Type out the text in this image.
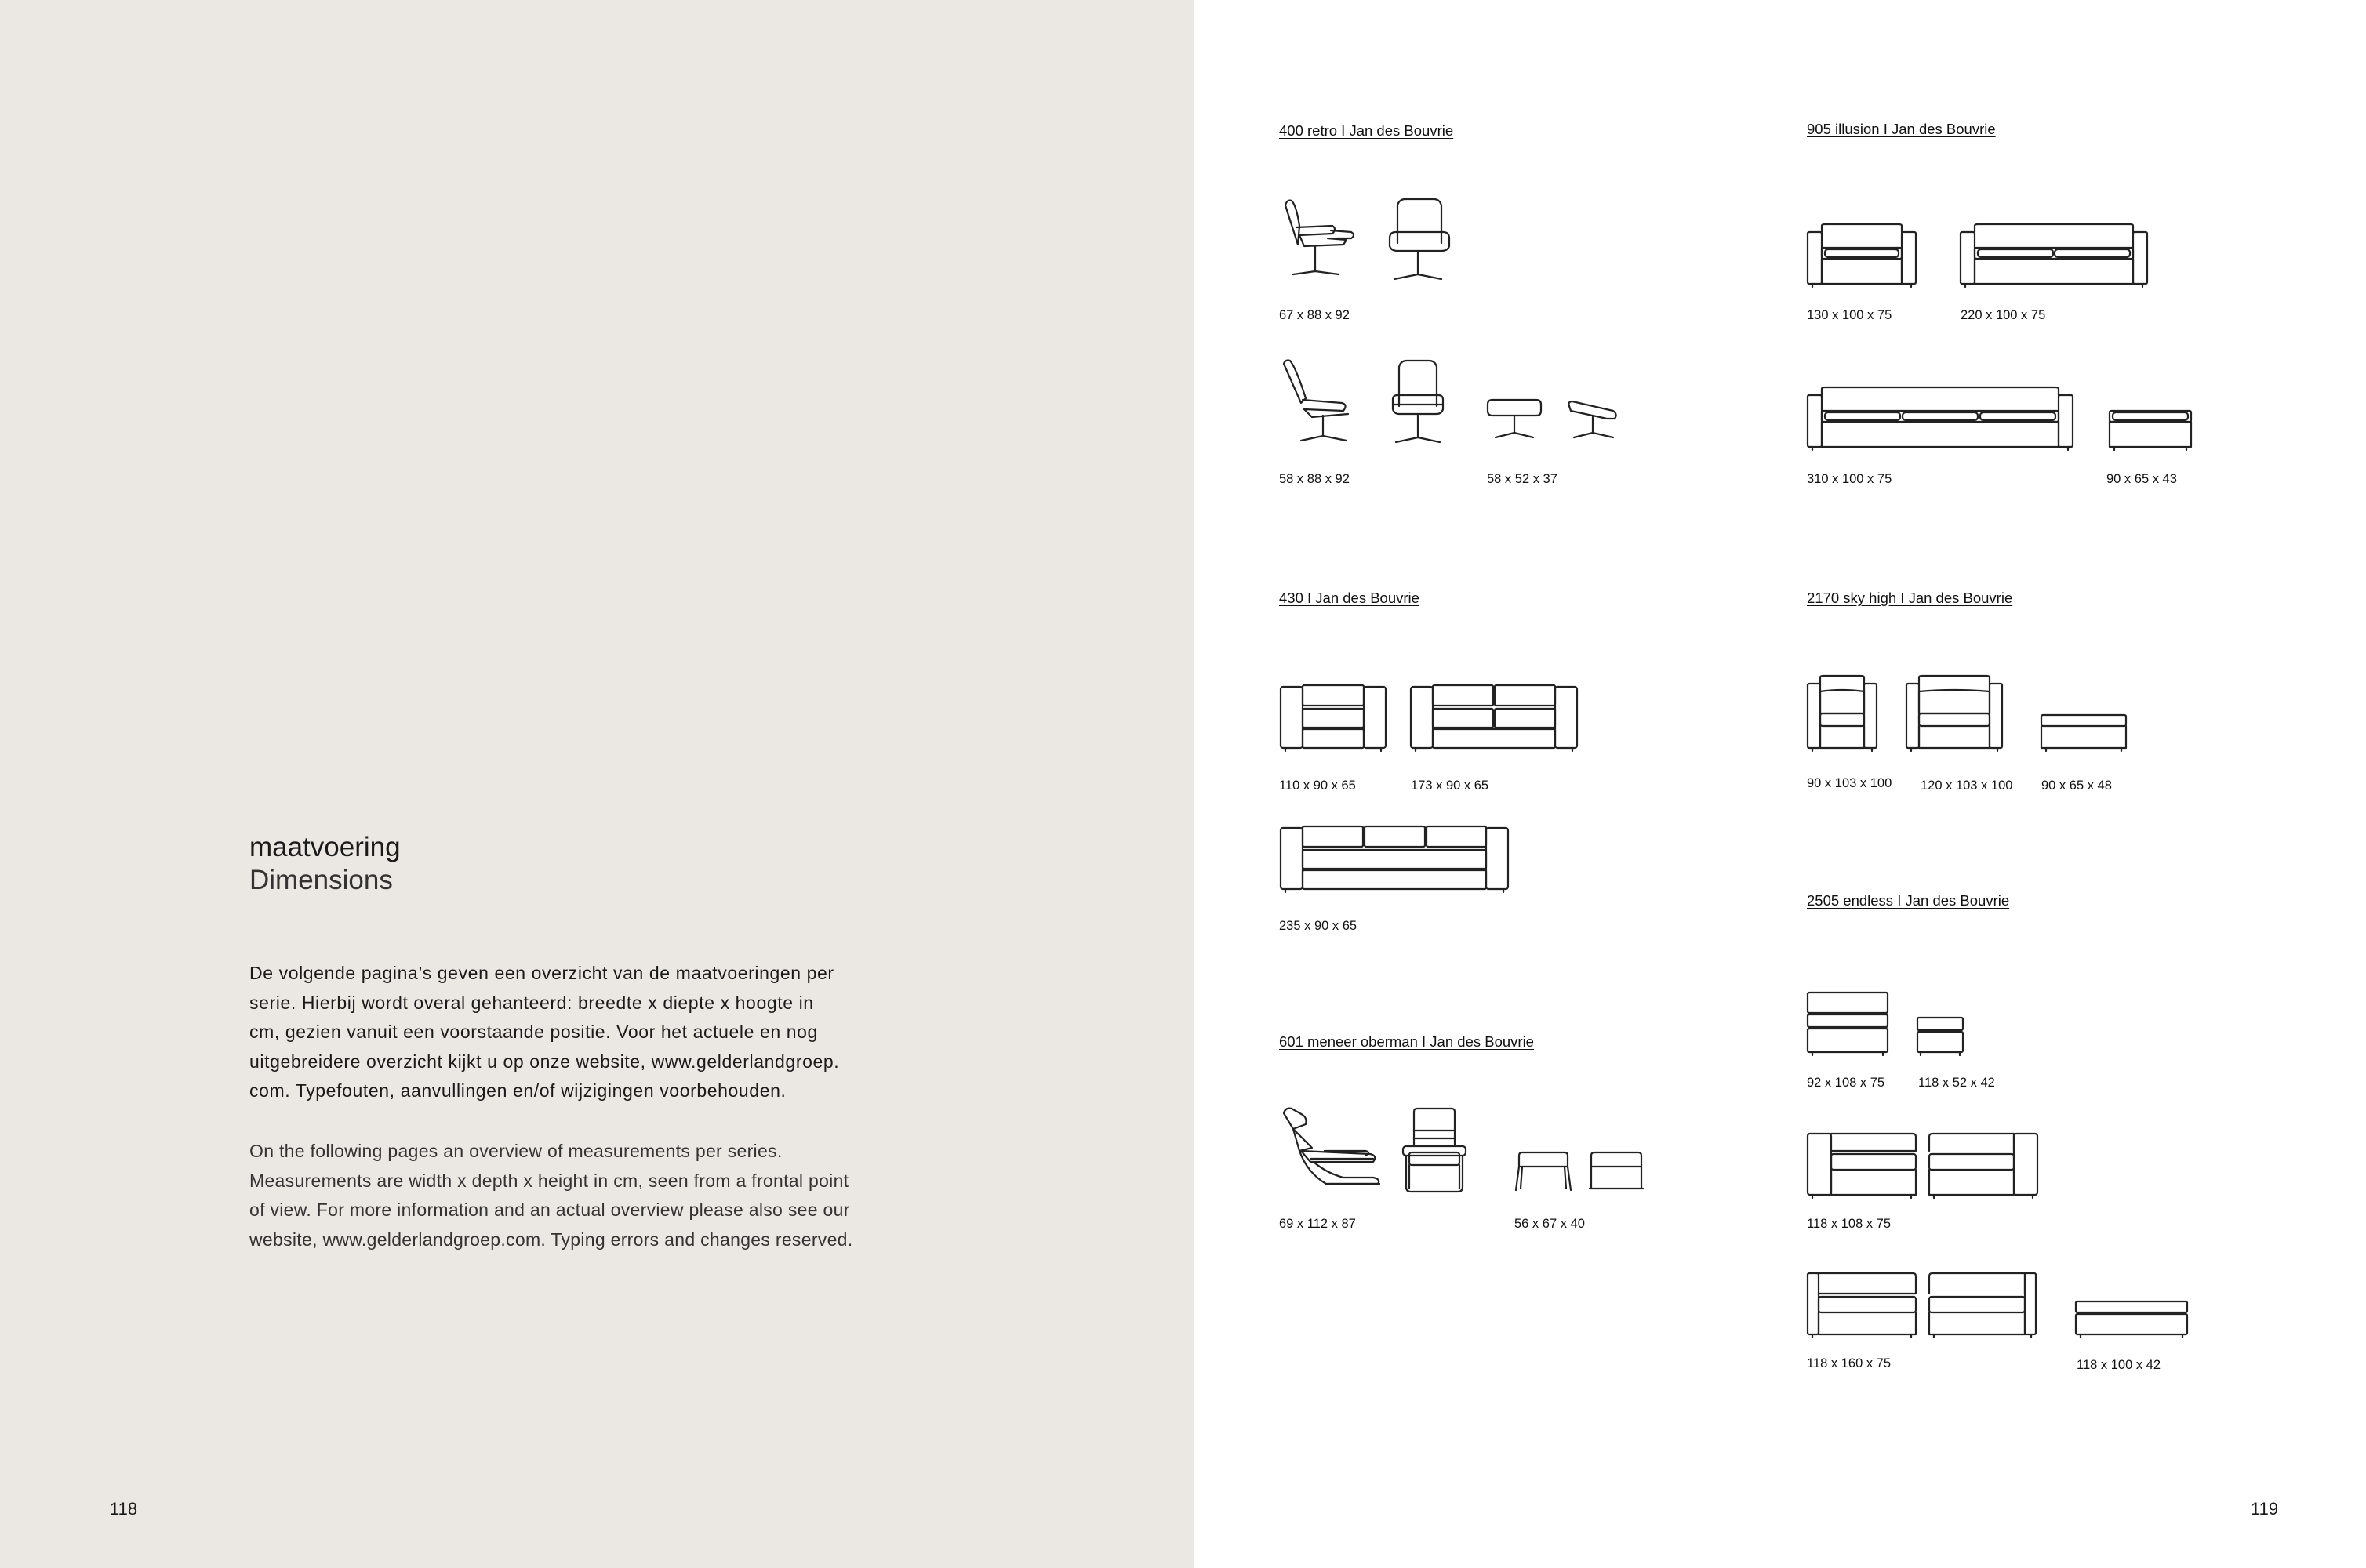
maatvoering
Dimensions
De volgende pagina’s geven een overzicht van de maatvoeringen per
serie. Hierbij wordt overal gehanteerd: breedte x diepte x hoogte in
cm, gezien vanuit een voorstaande positie. Voor het actuele en nog
uitgebreidere overzicht kijkt u op onze website, www.gelderlandgroep.
com. Typefouten, aanvullingen en/of wijzigingen voorbehouden.
On the following pages an overview of measurements per series.
Measurements are width x depth x height in cm, seen from a frontal point
of view. For more information and an actual overview please also see our
website, www.gelderlandgroep.com. Typing errors and changes reserved.
118
400 retro I Jan des Bouvrie
67 x 88 x 92
58 x 88 x 92	58 x 52 x 37
905 illusion I Jan des Bouvrie
130 x 100 x 75	220 x 100 x 75
310 x 100 x 75	90 x 65 x 43
430 I Jan des Bouvrie
110 x 90 x 65	173 x 90 x 65
235 x 90 x 65
2170 sky high I Jan des Bouvrie
90 x 103 x 100 120 x 103 x 100 90 x 65 x 48
2505 endless I Jan des Bouvrie
92 x 108 x 75	118 x 52 x 42
118 x 108 x 75
118 x 160 x 75	118 x 100 x 42
601 meneer oberman I Jan des Bouvrie
69 x 112 x 87	56 x 67 x 40
119
